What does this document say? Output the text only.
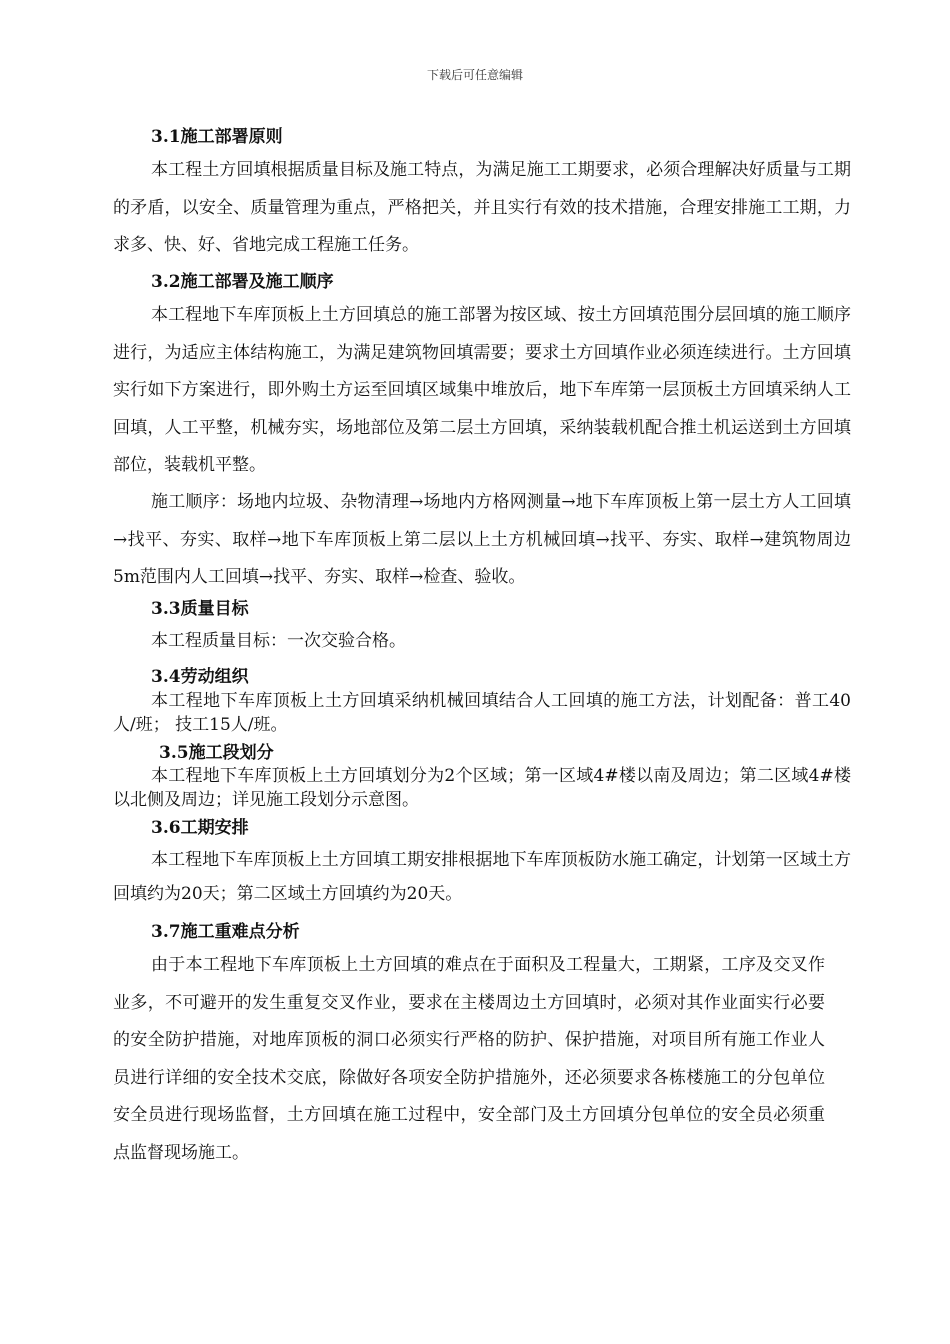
下载后可任意编辑
3.1施工部署原则
本工程土方回填根据质量目标及施工特点，为满足施工工期要求，必须合理解决好质量与工期的矛盾，以安全、质量管理为重点，严格把关，并且实行有效的技术措施，合理安排施工工期，力求多、快、好、省地完成工程施工任务。
3.2施工部署及施工顺序
本工程地下车库顶板上土方回填总的施工部署为按区域、按土方回填范围分层回填的施工顺序进行，为适应主体结构施工，为满足建筑物回填需要；要求土方回填作业必须连续进行。土方回填实行如下方案进行，即外购土方运至回填区域集中堆放后，地下车库第一层顶板土方回填采纳人工回填，人工平整，机械夯实，场地部位及第二层土方回填，采纳装载机配合推土机运送到土方回填部位，装载机平整。
施工顺序：场地内垃圾、杂物清理→场地内方格网测量→地下车库顶板上第一层土方人工回填→找平、夯实、取样→地下车库顶板上第二层以上土方机械回填→找平、夯实、取样→建筑物周边5m范围内人工回填→找平、夯实、取样→检查、验收。
3.3质量目标
本工程质量目标：一次交验合格。
3.4劳动组织
本工程地下车库顶板上土方回填采纳机械回填结合人工回填的施工方法，计划配备：普工40人/班； 技工15人/班。
3.5施工段划分
本工程地下车库顶板上土方回填划分为2个区域；第一区域4#楼以南及周边；第二区域4#楼以北侧及周边；详见施工段划分示意图。
3.6工期安排
本工程地下车库顶板上土方回填工期安排根据地下车库顶板防水施工确定，计划第一区域土方回填约为20天；第二区域土方回填约为20天。
3.7施工重难点分析
由于本工程地下车库顶板上土方回填的难点在于面积及工程量大，工期紧，工序及交叉作业多，不可避开的发生重复交叉作业，要求在主楼周边土方回填时，必须对其作业面实行必要的安全防护措施，对地库顶板的洞口必须实行严格的防护、保护措施，对项目所有施工作业人员进行详细的安全技术交底，除做好各项安全防护措施外，还必须要求各栋楼施工的分包单位安全员进行现场监督，土方回填在施工过程中，安全部门及土方回填分包单位的安全员必须重点监督现场施工。
